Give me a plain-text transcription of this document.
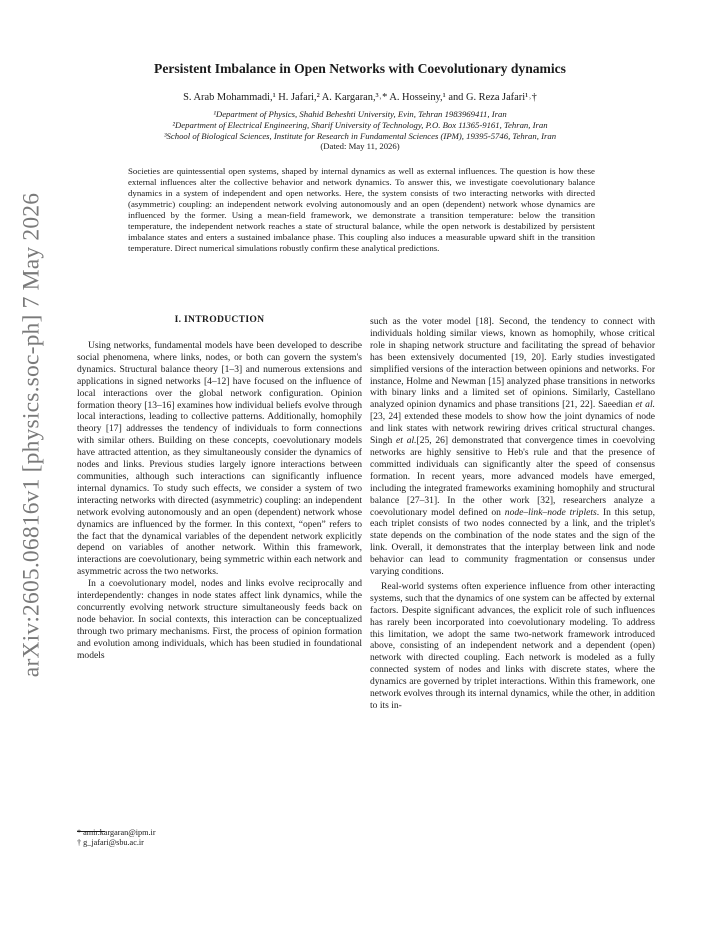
arXiv:2605.06816v1 [physics.soc-ph] 7 May 2026
Persistent Imbalance in Open Networks with Coevolutionary dynamics
S. Arab Mohammadi,¹ H. Jafari,² A. Kargaran,³˒* A. Hosseiny,¹ and G. Reza Jafari¹˒†
¹Department of Physics, Shahid Beheshti University, Evin, Tehran 1983969411, Iran
²Department of Electrical Engineering, Sharif University of Technology, P.O. Box 11365-9161, Tehran, Iran
³School of Biological Sciences, Institute for Research in Fundamental Sciences (IPM), 19395-5746, Tehran, Iran
(Dated: May 11, 2026)

Societies are quintessential open systems, shaped by internal dynamics as well as external influences. The question is how these external influences alter the collective behavior and network dynamics. To answer this, we investigate coevolutionary balance dynamics in a system of independent and open networks. Here, the system consists of two interacting networks with directed (asymmetric) coupling: an independent network evolving autonomously and an open (dependent) network whose dynamics are influenced by the former. Using a mean-field framework, we demonstrate a transition temperature: below the transition temperature, the independent network reaches a state of structural balance, while the open network is destabilized by persistent imbalance states and enters a sustained imbalance phase. This coupling also induces a measurable upward shift in the transition temperature. Direct numerical simulations robustly confirm these analytical predictions.

I. INTRODUCTION

Using networks, fundamental models have been developed to describe social phenomena, where links, nodes, or both can govern the system's dynamics. Structural balance theory [1–3] and numerous extensions and applications in signed networks [4–12] have focused on the influence of local interactions over the global network configuration. Opinion formation theory [13–16] examines how individual beliefs evolve through local interactions, leading to collective patterns. Additionally, homophily theory [17] addresses the tendency of individuals to form connections with similar others. Building on these concepts, coevolutionary models have attracted attention, as they simultaneously consider the dynamics of nodes and links. Previous studies largely ignore interactions between communities, although such interactions can significantly influence internal dynamics. To study such effects, we consider a system of two interacting networks with directed (asymmetric) coupling: an independent network evolving autonomously and an open (dependent) network whose dynamics are influenced by the former. In this context, “open” refers to the fact that the dynamical variables of the dependent network explicitly depend on variables of another network. Within this framework, interactions are coevolutionary, being symmetric within each network and asymmetric across the two networks.

In a coevolutionary model, nodes and links evolve reciprocally and interdependently: changes in node states affect link dynamics, while the concurrently evolving network structure simultaneously feeds back on node behavior. In social contexts, this interaction can be conceptualized through two primary mechanisms. First, the process of opinion formation and evolution among individuals, which has been studied in foundational models

such as the voter model [18]. Second, the tendency to connect with individuals holding similar views, known as homophily, whose critical role in shaping network structure and facilitating the spread of behavior has been extensively documented [19, 20]. Early studies investigated simplified versions of the interaction between opinions and networks. For instance, Holme and Newman [15] analyzed phase transitions in networks with binary links and a limited set of opinions. Similarly, Castellano analyzed opinion dynamics and phase transitions [21, 22]. Saeedian et al.[23, 24] extended these models to show how the joint dynamics of node and link states with network rewiring drives critical structural changes. Singh et al.[25, 26] demonstrated that convergence times in coevolving networks are highly sensitive to Heb's rule and that the presence of committed individuals can significantly alter the speed of consensus formation. In recent years, more advanced models have emerged, including the integrated frameworks examining homophily and structural balance [27–31]. In the other work [32], researchers analyze a coevolutionary model defined on node–link–node triplets. In this setup, each triplet consists of two nodes connected by a link, and the triplet's state depends on the combination of the node states and the sign of the link. Overall, it demonstrates that the interplay between link and node behavior can lead to community fragmentation or consensus under varying conditions.

Real-world systems often experience influence from other interacting systems, such that the dynamics of one system can be affected by external factors. Despite significant advances, the explicit role of such influences has rarely been incorporated into coevolutionary modeling. To address this limitation, we adopt the same two-network framework introduced above, consisting of an independent network and a dependent (open) network with directed coupling. Each network is modeled as a fully connected system of nodes and links with discrete states, where the dynamics are governed by triplet interactions. Within this framework, one network evolves through its internal dynamics, while the other, in addition to its in-

* amir.kargaran@ipm.ir
† g_jafari@sbu.ac.ir
